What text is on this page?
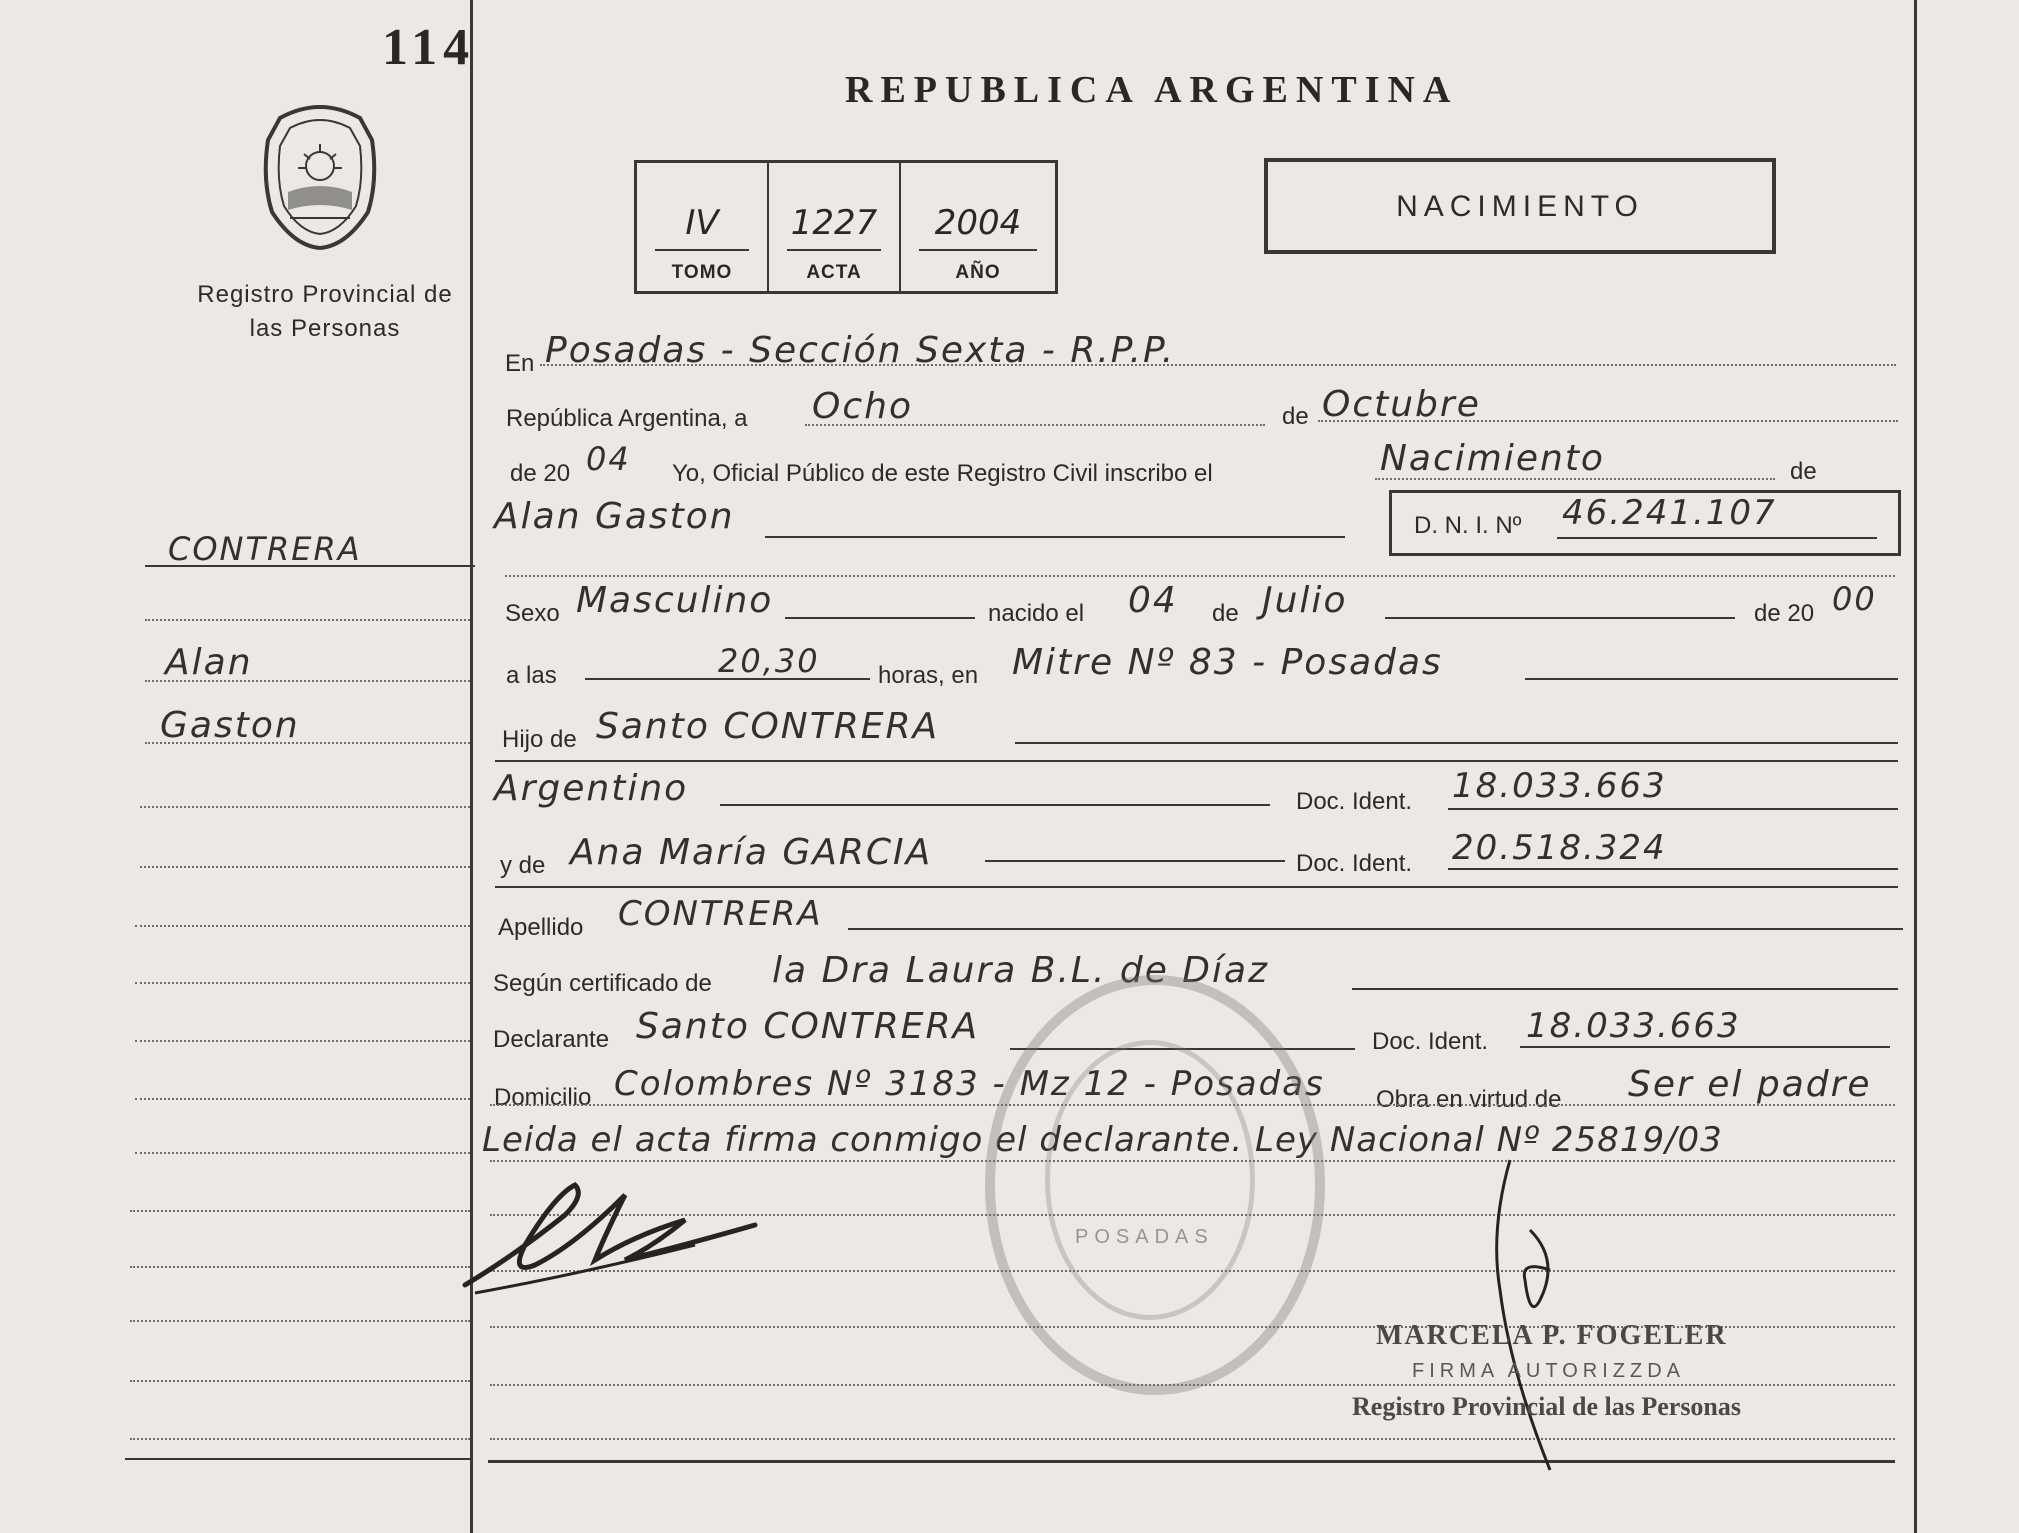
114
Registro Provincial de las Personas
CONTRERA
Alan
Gaston
REPUBLICA ARGENTINA
IV
TOMO
1227
ACTA
2004
AÑO
NACIMIENTO
En Posadas - Sección Sexta - R.P.P.
República Argentina, a Ocho	de Octubre
de 20 04 Yo, Oficial Público de este Registro Civil inscribo el	Nacimiento	de
Alan Gaston	D. N. I. Nº 46.241.107
Sexo Masculino	nacido el 04 de Julio	de 20 00
a las	20,30 horas, en Mitre Nº 83 - Posadas
Hijo de Santo CONTRERA
Argentino	Doc. Ident. 18.033.663
y de Ana María GARCIA	Doc. Ident. 20.518.324
Apellido CONTRERA
Según certificado de la Dra Laura B.L. de Díaz
Declarante Santo CONTRERA	Doc. Ident. 18.033.663
Domicilio Colombres Nº 3183 - Mz 12 - Posadas Obra en virtud de Ser el padre
Leida el acta firma conmigo el declarante. Ley Nacional Nº 25819/03
POSADAS
MARCELA P. FOGELER
FIRMA AUTORIZZDA
Registro Provincial de las Personas
